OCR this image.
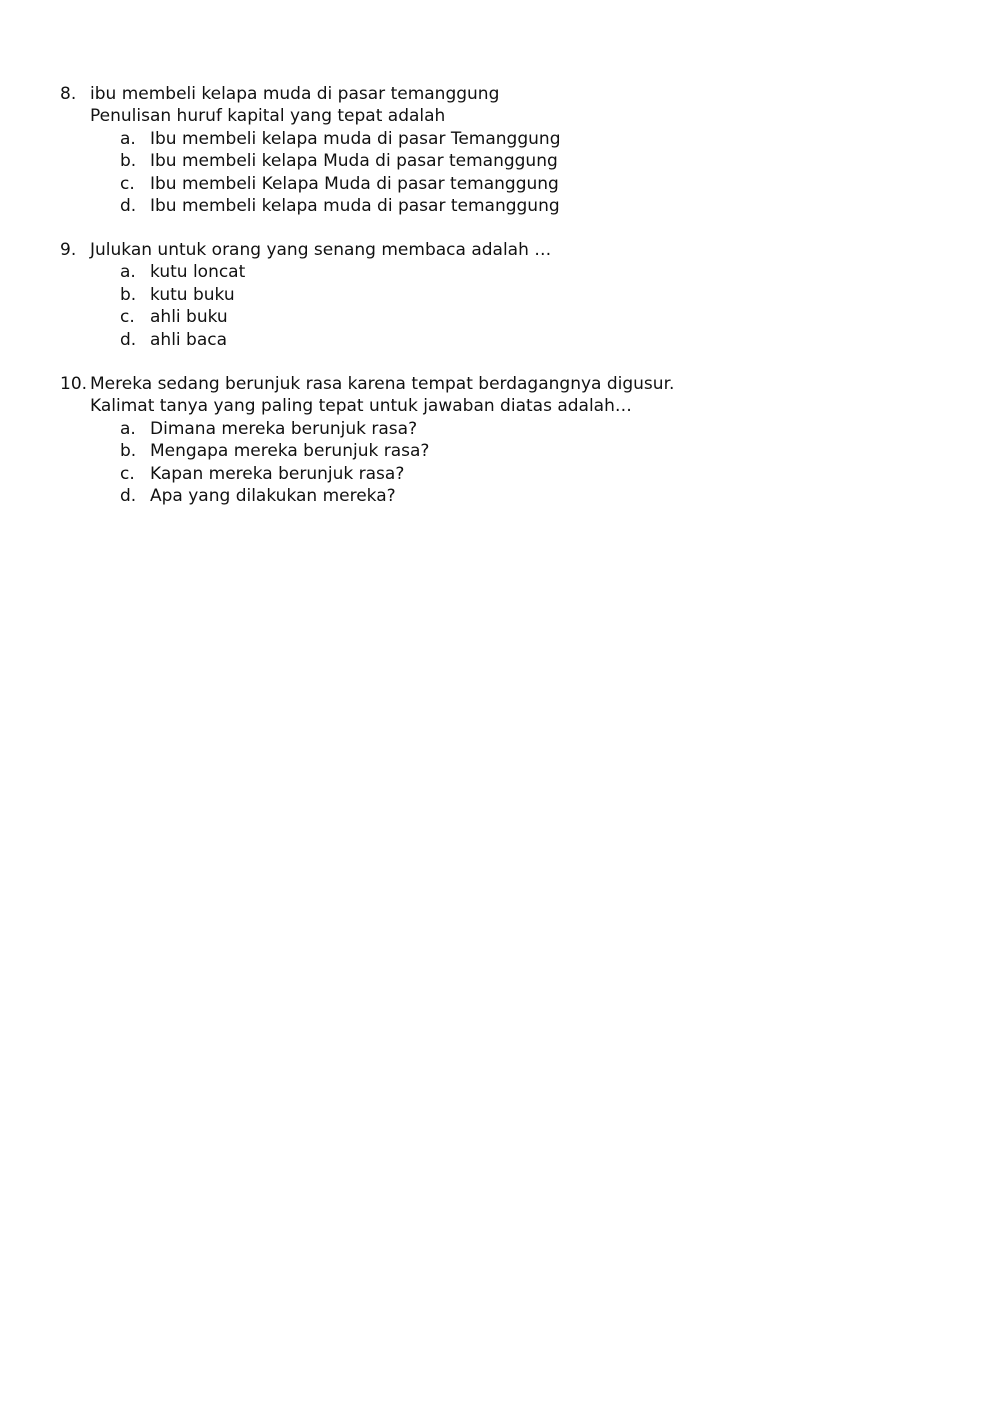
8. ibu membeli kelapa muda di pasar temanggung
Penulisan huruf kapital yang tepat adalah
a. Ibu membeli kelapa muda di pasar Temanggung
b. Ibu membeli kelapa Muda di pasar temanggung
c. Ibu membeli Kelapa Muda di pasar temanggung
d. Ibu membeli kelapa muda di pasar temanggung
9. Julukan untuk orang yang senang membaca adalah …
a. kutu loncat
b. kutu buku
c. ahli buku
d. ahli baca
10. Mereka sedang berunjuk rasa karena tempat berdagangnya digusur.
Kalimat tanya yang paling tepat untuk jawaban diatas adalah…
a. Dimana mereka berunjuk rasa?
b. Mengapa mereka berunjuk rasa?
c. Kapan mereka berunjuk rasa?
d. Apa yang dilakukan mereka?
